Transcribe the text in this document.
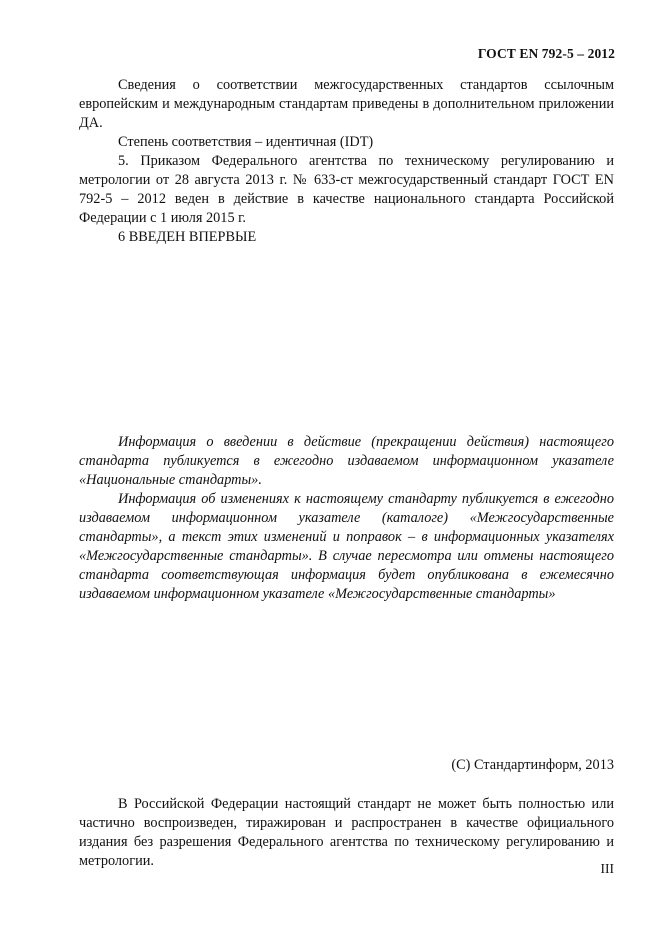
ГОСТ EN 792-5 – 2012

Сведения о соответствии межгосударственных стандартов ссылочным европейским и международным стандартам приведены в дополнительном приложении ДА.

Степень соответствия – идентичная (IDT)

5. Приказом Федерального агентства по техническому регулированию и метрологии от 28 августа 2013 г. № 633-ст межгосударственный стандарт ГОСТ EN 792-5 – 2012 веден в действие в качестве национального стандарта Российской Федерации с 1 июля 2015 г.

6 ВВЕДЕН ВПЕРВЫЕ

Информация о введении в действие (прекращении действия) настоящего стандарта публикуется в ежегодно издаваемом информационном указателе «Национальные стандарты».

Информация об изменениях к настоящему стандарту публикуется в ежегодно издаваемом информационном указателе (каталоге) «Межгосударственные стандарты», а текст этих изменений и поправок – в информационных указателях «Межгосударственные стандарты». В случае пересмотра или отмены настоящего стандарта соответствующая информация будет опубликована в ежемесячно издаваемом информационном указателе «Межгосударственные стандарты»

(C) Стандартинформ, 2013

В Российской Федерации настоящий стандарт не может быть полностью или частично воспроизведен, тиражирован и распространен в качестве официального издания без разрешения Федерального агентства по техническому регулированию и метрологии.	III
